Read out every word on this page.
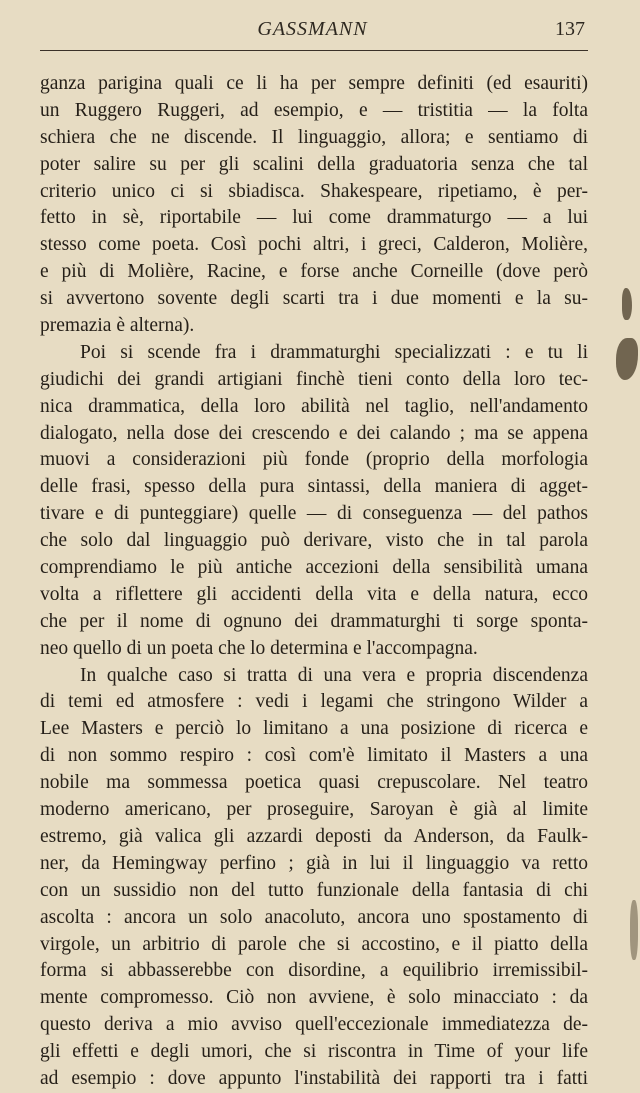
GASSMANN	137
ganza parigina quali ce li ha per sempre definiti (ed esauriti)
un Ruggero Ruggeri, ad esempio, e — tristitia — la folta
schiera che ne discende. Il linguaggio, allora; e sentiamo di
poter salire su per gli scalini della graduatoria senza che tal
criterio unico ci si sbiadisca. Shakespeare, ripetiamo, è per-
fetto in sè, riportabile — lui come drammaturgo — a lui
stesso come poeta. Così pochi altri, i greci, Calderon, Molière,
e più di Molière, Racine, e forse anche Corneille (dove però
si avvertono sovente degli scarti tra i due momenti e la su-
premazia è alterna).
Poi si scende fra i drammaturghi specializzati : e tu li
giudichi dei grandi artigiani finchè tieni conto della loro tec-
nica drammatica, della loro abilità nel taglio, nell'andamento
dialogato, nella dose dei crescendo e dei calando ; ma se appena
muovi a considerazioni più fonde (proprio della morfologia
delle frasi, spesso della pura sintassi, della maniera di agget-
tivare e di punteggiare) quelle — di conseguenza — del pathos
che solo dal linguaggio può derivare, visto che in tal parola
comprendiamo le più antiche accezioni della sensibilità umana
volta a riflettere gli accidenti della vita e della natura, ecco
che per il nome di ognuno dei drammaturghi ti sorge sponta-
neo quello di un poeta che lo determina e l'accompagna.
In qualche caso si tratta di una vera e propria discendenza
di temi ed atmosfere : vedi i legami che stringono Wilder a
Lee Masters e perciò lo limitano a una posizione di ricerca e
di non sommo respiro : così com'è limitato il Masters a una
nobile ma sommessa poetica quasi crepuscolare. Nel teatro
moderno americano, per proseguire, Saroyan è già al limite
estremo, già valica gli azzardi deposti da Anderson, da Faulk-
ner, da Hemingway perfino ; già in lui il linguaggio va retto
con un sussidio non del tutto funzionale della fantasia di chi
ascolta : ancora un solo anacoluto, ancora uno spostamento di
virgole, un arbitrio di parole che si accostino, e il piatto della
forma si abbasserebbe con disordine, a equilibrio irremissibil-
mente compromesso. Ciò non avviene, è solo minacciato : da
questo deriva a mio avviso quell'eccezionale immediatezza de-
gli effetti e degli umori, che si riscontra in Time of your life
ad esempio : dove appunto l'instabilità dei rapporti tra i fatti
